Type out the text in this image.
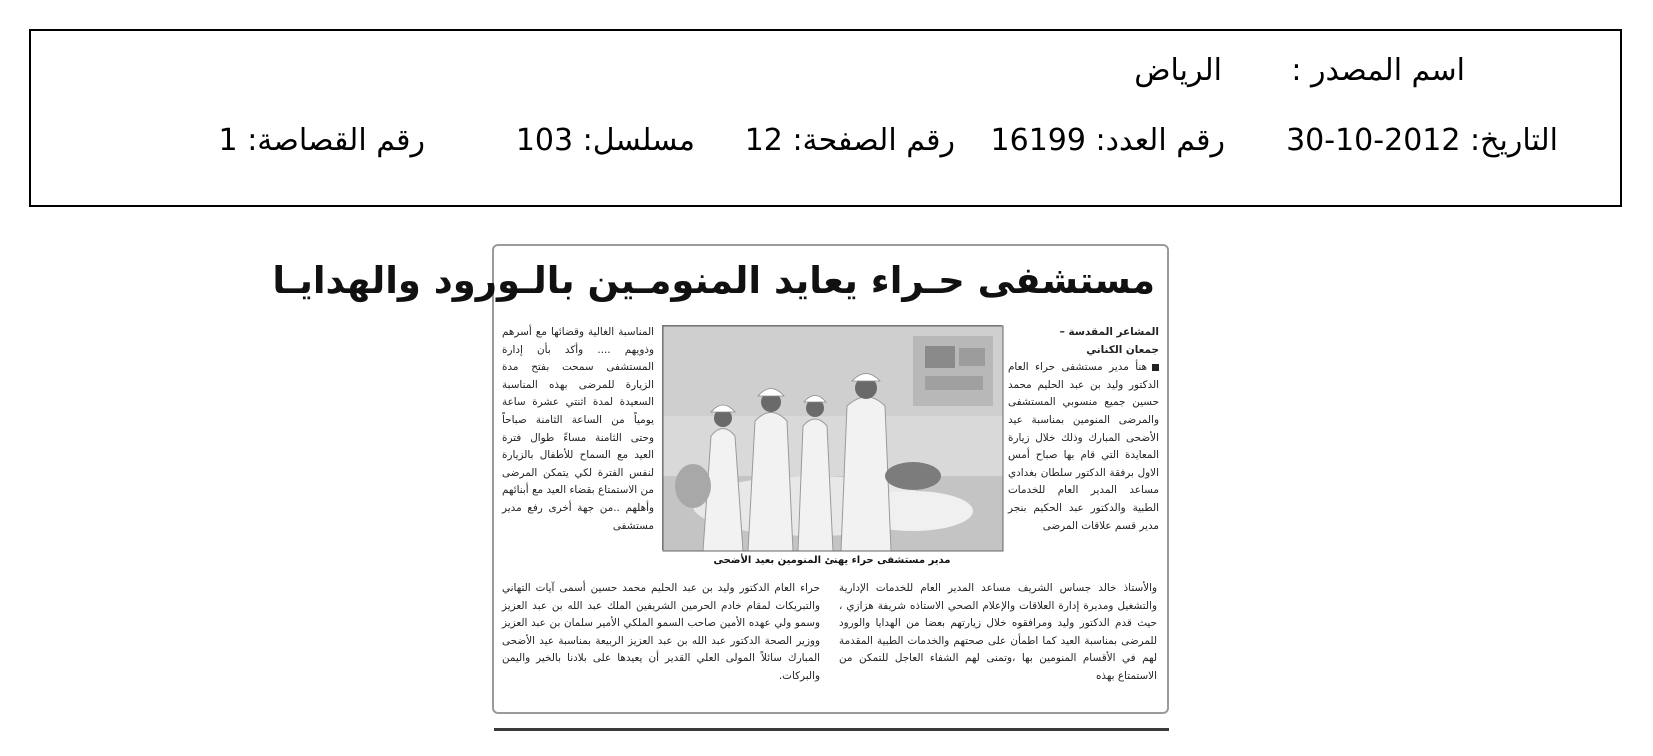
اسم المصدر :
الرياض
التاريخ: 2012-10-30
رقم العدد: 16199
رقم الصفحة: 12
مسلسل: 103
رقم القصاصة: 1
مستشفى حـراء يعايد المنومـين بالـورود والهدايـا
المشاعر المقدسة –
جمعان الكناني
هنأ مدير مستشفى حراء العام الدكتور وليد بن عبد الحليم محمد حسين جميع منسوبي المستشفى والمرضى المنومين بمناسبة عيد الأضحى المبارك وذلك خلال زيارة المعايدة التي قام بها صباح أمس الاول برفقة الدكتور سلطان بغدادي مساعد المدير العام للخدمات الطبية والدكتور عبد الحكيم بنجر مدير قسم علاقات المرضى
مدير مستشفى حراء يهنئ المنومين بعيد الأضحى
المناسبة الغالية وقضائها مع أسرهم وذويهم .... وأكد بأن إدارة المستشفى سمحت بفتح مدة الزيارة للمرضى بهذه المناسبة السعيدة لمدة اثنتي عشرة ساعة يومياً من الساعة الثامنة صباحاً وحتى الثامنة مساءً طوال فترة العيد مع السماح للأطفال بالزيارة لنفس الفترة لكي يتمكن المرضى من الاستمتاع بقضاء العيد مع أبنائهم وأهلهم ..من جهة أخرى رفع مدير مستشفى
والأستاذ خالد جساس الشريف مساعد المدير العام للخدمات الإدارية والتشغيل ومديرة إدارة العلاقات والإعلام الصحي الاستاذه شريفة هزازي ، حيث قدم الدكتور وليد ومرافقوه خلال زيارتهم بعضا من الهدايا والورود للمرضى بمناسبة العيد كما اطمأن على صحتهم والخدمات الطبية المقدمة لهم في الأقسام المنومين بها ،وتمنى لهم الشفاء العاجل للتمكن من الاستمتاع بهذه
حراء العام الدكتور وليد بن عبد الحليم محمد حسين أسمى آيات التهاني والتبريكات لمقام خادم الحرمين الشريفين الملك عبد الله بن عبد العزيز وسمو ولي عهده الأمين صاحب السمو الملكي الأمير سلمان بن عبد العزيز ووزير الصحة الدكتور عبد الله بن عبد العزيز الربيعة بمناسبة عيد الأضحى المبارك سائلاً المولى العلي القدير أن يعيدها على بلادنا بالخير واليمن والبركات.
